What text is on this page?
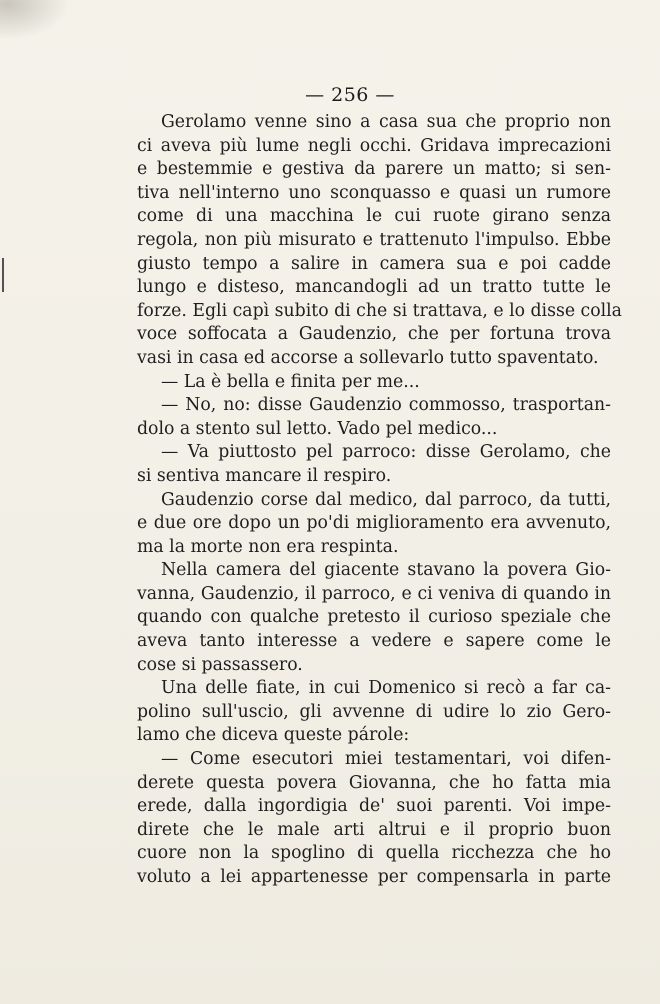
— 256 —
Gerolamo venne sino a casa sua che proprio non
ci aveva più lume negli occhi. Gridava imprecazioni
e bestemmie e gestiva da parere un matto; si sen-
tiva nell'interno uno sconquasso e quasi un rumore
come di una macchina le cui ruote girano senza
regola, non più misurato e trattenuto l'impulso. Ebbe
giusto tempo a salire in camera sua e poi cadde
lungo e disteso, mancandogli ad un tratto tutte le
forze. Egli capì subito di che si trattava, e lo disse colla
voce soffocata a Gaudenzio, che per fortuna trova
vasi in casa ed accorse a sollevarlo tutto spaventato.
— La è bella e finita per me...
— No, no: disse Gaudenzio commosso, trasportan-
dolo a stento sul letto. Vado pel medico...
— Va piuttosto pel parroco: disse Gerolamo, che
si sentiva mancare il respiro.
Gaudenzio corse dal medico, dal parroco, da tutti,
e due ore dopo un po'di miglioramento era avvenuto,
ma la morte non era respinta.
Nella camera del giacente stavano la povera Gio-
vanna, Gaudenzio, il parroco, e ci veniva di quando in
quando con qualche pretesto il curioso speziale che
aveva tanto interesse a vedere e sapere come le
cose si passassero.
Una delle fiate, in cui Domenico si recò a far ca-
polino sull'uscio, gli avvenne di udire lo zio Gero-
lamo che diceva queste párole:
— Come esecutori miei testamentari, voi difen-
derete questa povera Giovanna, che ho fatta mia
erede, dalla ingordigia de' suoi parenti. Voi impe-
direte che le male arti altrui e il proprio buon
cuore non la spoglino di quella ricchezza che ho
voluto a lei appartenesse per compensarla in parte
